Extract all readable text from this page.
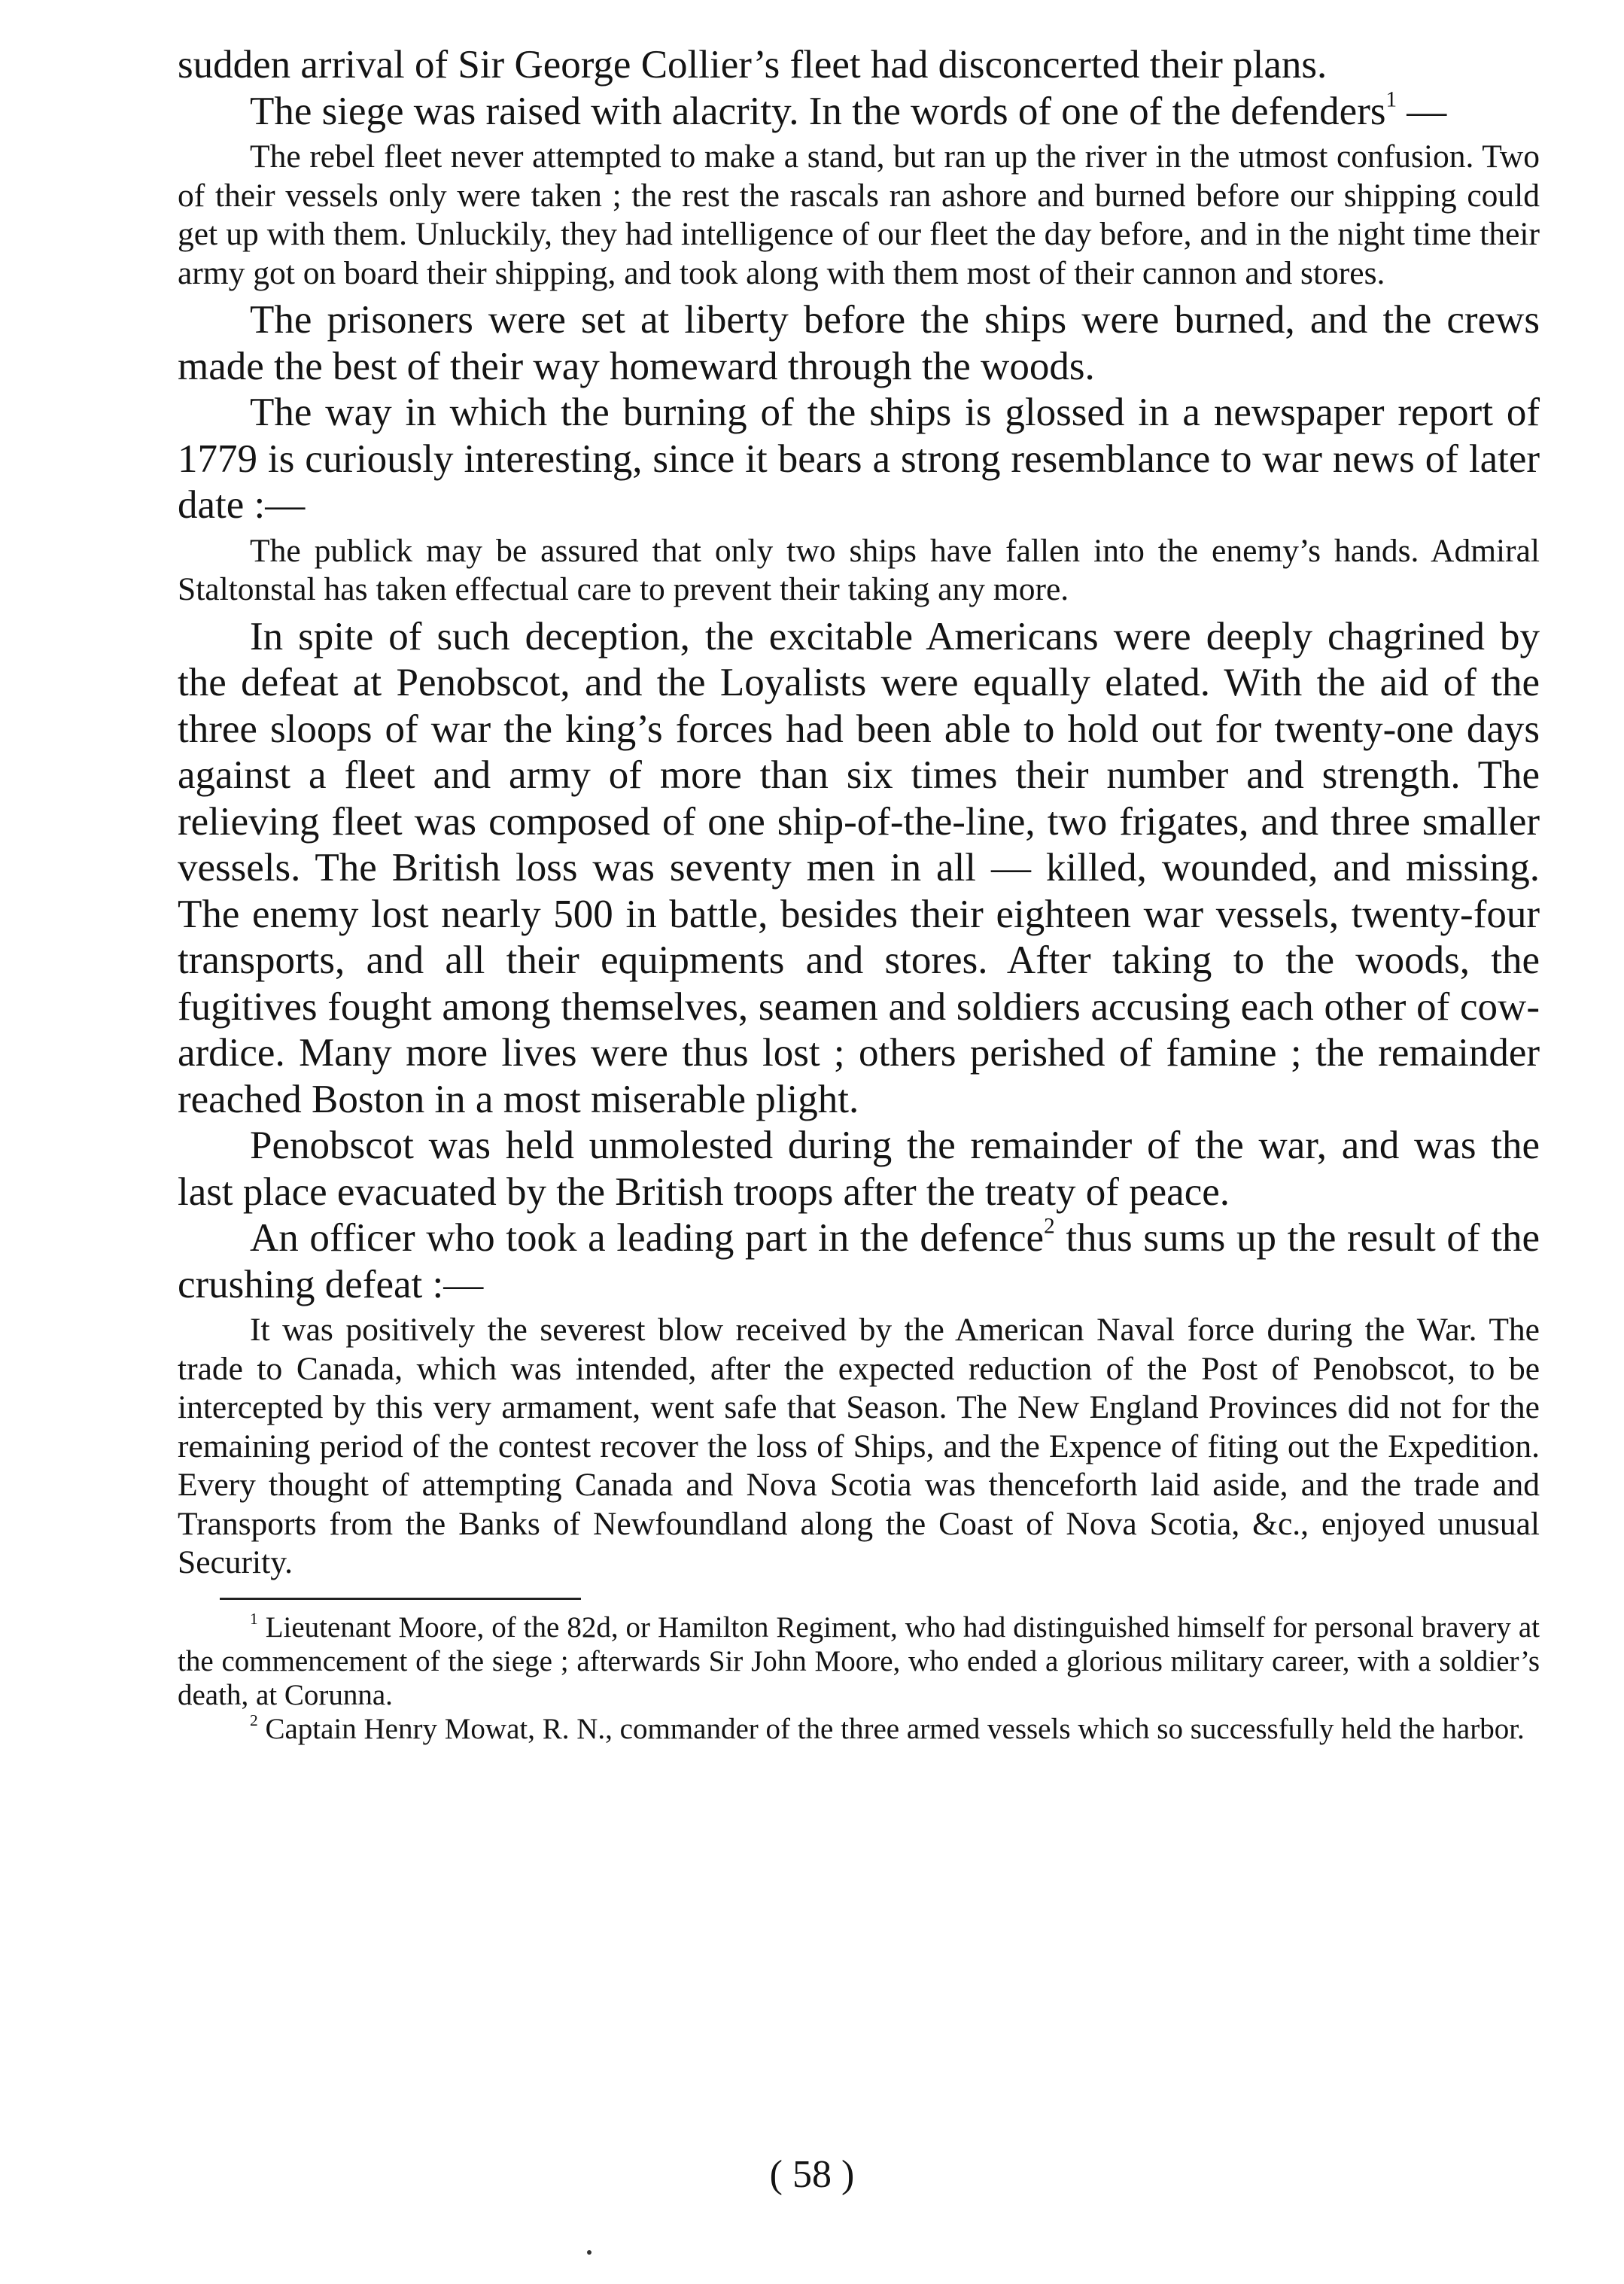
sudden arrival of Sir George Collier’s fleet had disconcerted their plans.

The siege was raised with alacrity. In the words of one of the defenders$^1$ —

The rebel fleet never attempted to make a stand, but ran up the river in the utmost confusion. Two of their vessels only were taken ; the rest the rascals ran ashore and burned before our shipping could get up with them. Unluckily, they had intelligence of our fleet the day before, and in the night time their army got on board their shipping, and took along with them most of their cannon and stores.

The prisoners were set at liberty before the ships were burned, and the crews made the best of their way homeward through the woods.

The way in which the burning of the ships is glossed in a newspaper report of 1779 is curiously interesting, since it bears a strong resemblance to war news of later date :—

The publick may be assured that only two ships have fallen into the enemy’s hands. Admiral Staltonstal has taken effectual care to prevent their taking any more.

In spite of such deception, the excitable Americans were deeply chagrined by the defeat at Penobscot, and the Loyalists were equally elated. With the aid of the three sloops of war the king’s forces had been able to hold out for twenty-one days against a fleet and army of more than six times their number and strength. The relieving fleet was composed of one ship-of-the-line, two frigates, and three smaller vessels. The British loss was seventy men in all — killed, wounded, and missing. The enemy lost nearly 500 in battle, besides their eighteen war vessels, twenty-four transports, and all their equipments and stores. After taking to the woods, the fugitives fought among themselves, seamen and soldiers accusing each other of cowardice. Many more lives were thus lost ; others perished of famine ; the remainder reached Boston in a most miserable plight.

Penobscot was held unmolested during the remainder of the war, and was the last place evacuated by the British troops after the treaty of peace.

An officer who took a leading part in the defence$^2$ thus sums up the result of the crushing defeat :—

It was positively the severest blow received by the American Naval force during the War. The trade to Canada, which was intended, after the expected reduction of the Post of Penobscot, to be intercepted by this very armament, went safe that Season. The New England Provinces did not for the remaining period of the contest recover the loss of Ships, and the Expence of fiting out the Expedition. Every thought of attempting Canada and Nova Scotia was thenceforth laid aside, and the trade and Transports from the Banks of Newfoundland along the Coast of Nova Scotia, &c., enjoyed unusual Security.

$^1$ Lieutenant Moore, of the 82d, or Hamilton Regiment, who had distinguished himself for personal bravery at the commencement of the siege ; afterwards Sir John Moore, who ended a glorious military career, with a soldier’s death, at Corunna.

$^2$ Captain Henry Mowat, R. N., commander of the three armed vessels which so successfully held the harbor.

( 58 )
